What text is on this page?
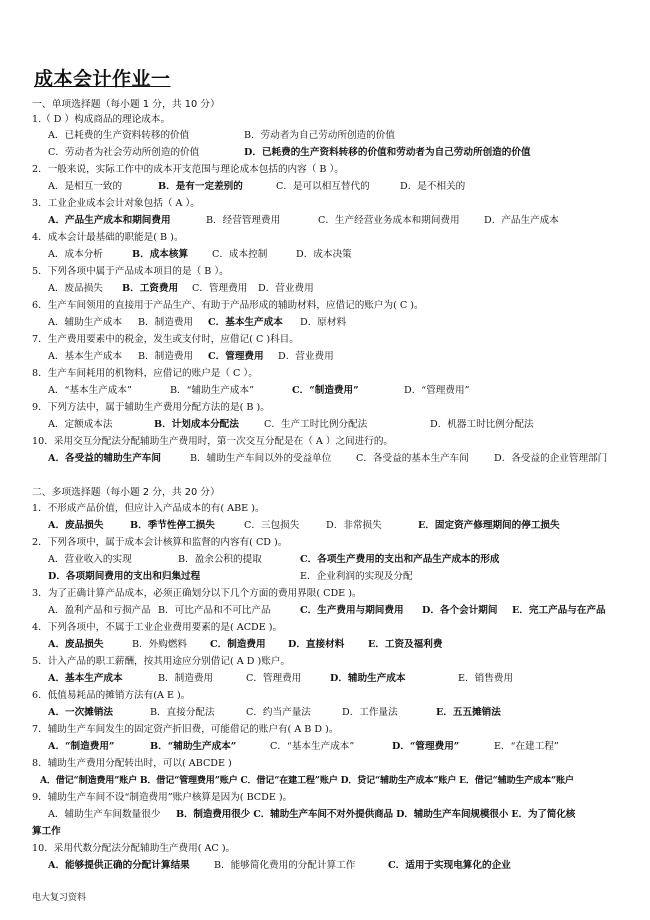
成本会计作业一
一、单项选择题（每小题 1 分，共 10 分）
1.（ D ）构成商品的理论成本。
A．已耗费的生产资料转移的价值	B．劳动者为自己劳动所创造的价值
C．劳动者为社会劳动所创造的价值	D．已耗费的生产资料转移的价值和劳动者为自己劳动所创造的价值
2．一般来说，实际工作中的成本开支范围与理论成本包括的内容（ B ）。
A．是相互一致的	B．是有一定差别的	C．是可以相互替代的	D．是不相关的
3．工业企业成本会计对象包括（ A ）。
A．产品生产成本和期间费用	B．经营管理费用	C．生产经营业务成本和期间费用	D．产品生产成本
4．成本会计最基础的职能是( B )。
A．成本分析	B．成本核算 C．成本控制	D．成本决策
5．下列各项中属于产品成本项目的是（ B ）。
A．废品损失 B．工资费用 C．管理费用 D．营业费用
6．生产车间领用的直接用于产品生产、有助于产品形成的辅助材料，应借记的账户为( C )。
A．辅助生产成本 B．制造费用 C．基本生产成本 D．原材料
7．生产费用要素中的税金，发生或支付时，应借记( C )科目。
A．基本生产成本 B．制造费用 C．管理费用 D．营业费用
8．生产车间耗用的机物料，应借记的账户是（ C ）。
A．“基本生产成本”	B．“辅助生产成本”	C．“制造费用”	D．“管理费用”
9．下列方法中，属于辅助生产费用分配方法的是( B )。
A．定额成本法	B．计划成本分配法	C．生产工时比例分配法	D．机器工时比例分配法
10．采用交互分配法分配辅助生产费用时，第一次交互分配是在（ A ）之间进行的。
A．各受益的辅助生产车间	B．辅助生产车间以外的受益单位	C．各受益的基本生产车间	D．各受益的企业管理部门
二、多项选择题（每小题 2 分，共 20 分）
1．不形成产品价值，但应计入产品成本的有( ABE )。
A．废品损失	B．季节性停工损失	C．三包损失	D．非常损失	E．固定资产修理期间的停工损失
2．下列各项中，属于成本会计核算和监督的内容有( CD )。
A．营业收入的实现	B．盈余公积的提取	C．各项生产费用的支出和产品生产成本的形成
D．各项期间费用的支出和归集过程	E．企业利润的实现及分配
3．为了正确计算产品成本，必须正确划分以下几个方面的费用界限( CDE )。
A．盈利产品和亏损产品 B．可比产品和不可比产品	C．生产费用与期间费用 D．各个会计期间 E．完工产品与在产品
4．下列各项中，不属于工业企业费用要素的是( ACDE )。
A．废品损失	B．外购燃料 C．制造费用 D．直接材料 E．工资及福利费
5．计入产品的职工薪酬，按其用途应分别借记( A D )账户。
A．基本生产成本	B．制造费用	C．管理费用	D．辅助生产成本	E．销售费用
6．低值易耗品的摊销方法有(A E )。
A．一次摊销法	B．直接分配法	C．约当产量法	D．工作量法	E．五五摊销法
7．辅助生产车间发生的固定资产折旧费，可能借记的账户有( A B D )。
A．“制造费用”	B．“辅助生产成本”	C．“基本生产成本”	D．“管理费用”	E．“在建工程”
8．辅助生产费用分配转出时，可以( ABCDE )
A．借记“制造费用”账户 B．借记“管理费用”账户 C．借记“在建工程”账户 D．贷记“辅助生产成本”账户 E．借记“辅助生产成本”账户
9．辅助生产车间不设“制造费用”账户核算是因为( BCDE )。
A．辅助生产车间数量很少 B．制造费用很少 C．辅助生产车间不对外提供商品 D．辅助生产车间规模很小 E．为了简化核
算工作
10．采用代数分配法分配辅助生产费用( AC )。
A．能够提供正确的分配计算结果	B．能够简化费用的分配计算工作	C．适用于实现电算化的企业
电大复习资料
